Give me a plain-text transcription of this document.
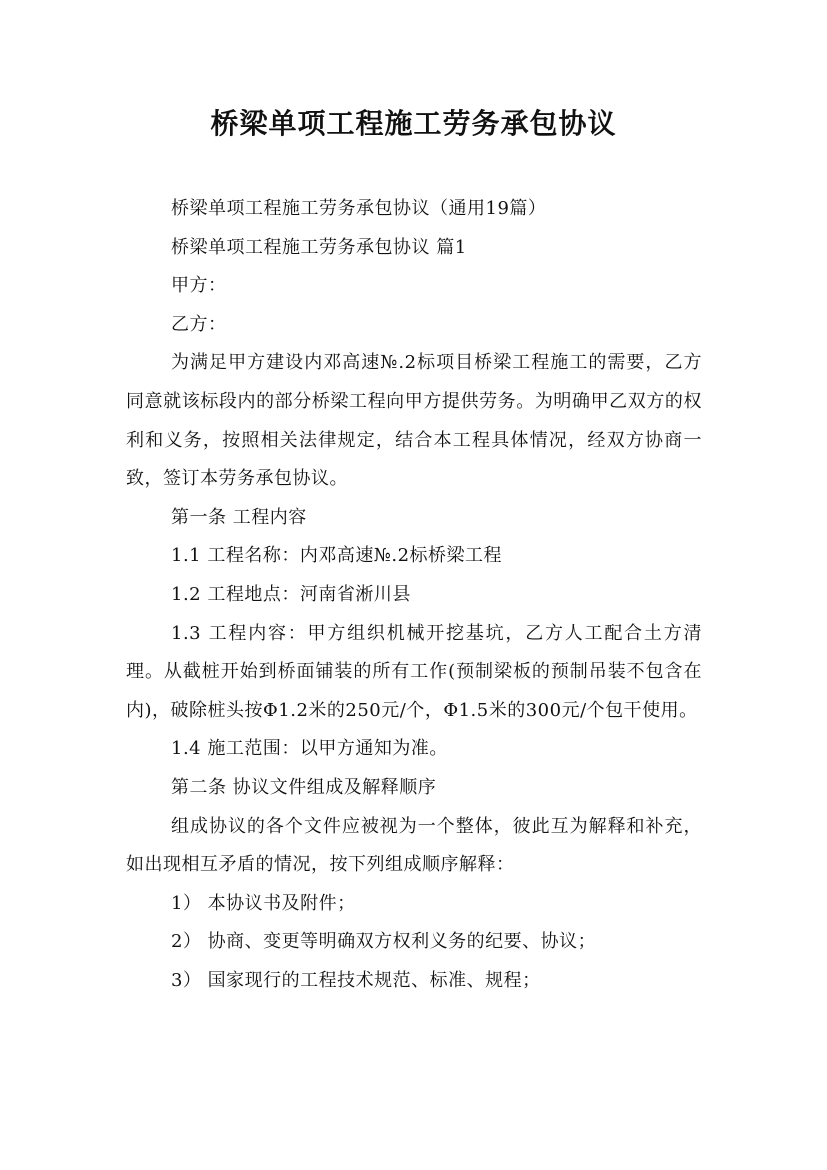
桥梁单项工程施工劳务承包协议

桥梁单项工程施工劳务承包协议（通用19篇）

桥梁单项工程施工劳务承包协议 篇1

甲方：

乙方：

为满足甲方建设内邓高速№.2标项目桥梁工程施工的需要，乙方同意就该标段内的部分桥梁工程向甲方提供劳务。为明确甲乙双方的权利和义务，按照相关法律规定，结合本工程具体情况，经双方协商一致，签订本劳务承包协议。

第一条 工程内容

1.1 工程名称：内邓高速№.2标桥梁工程

1.2 工程地点：河南省淅川县

1.3 工程内容：甲方组织机械开挖基坑，乙方人工配合土方清理。从截桩开始到桥面铺装的所有工作(预制梁板的预制吊装不包含在内)，破除桩头按Φ1.2米的250元/个，Φ1.5米的300元/个包干使用。

1.4 施工范围：以甲方通知为准。

第二条 协议文件组成及解释顺序

组成协议的各个文件应被视为一个整体，彼此互为解释和补充，如出现相互矛盾的情况，按下列组成顺序解释：

1） 本协议书及附件；

2） 协商、变更等明确双方权利义务的纪要、协议；

3） 国家现行的工程技术规范、标准、规程；
